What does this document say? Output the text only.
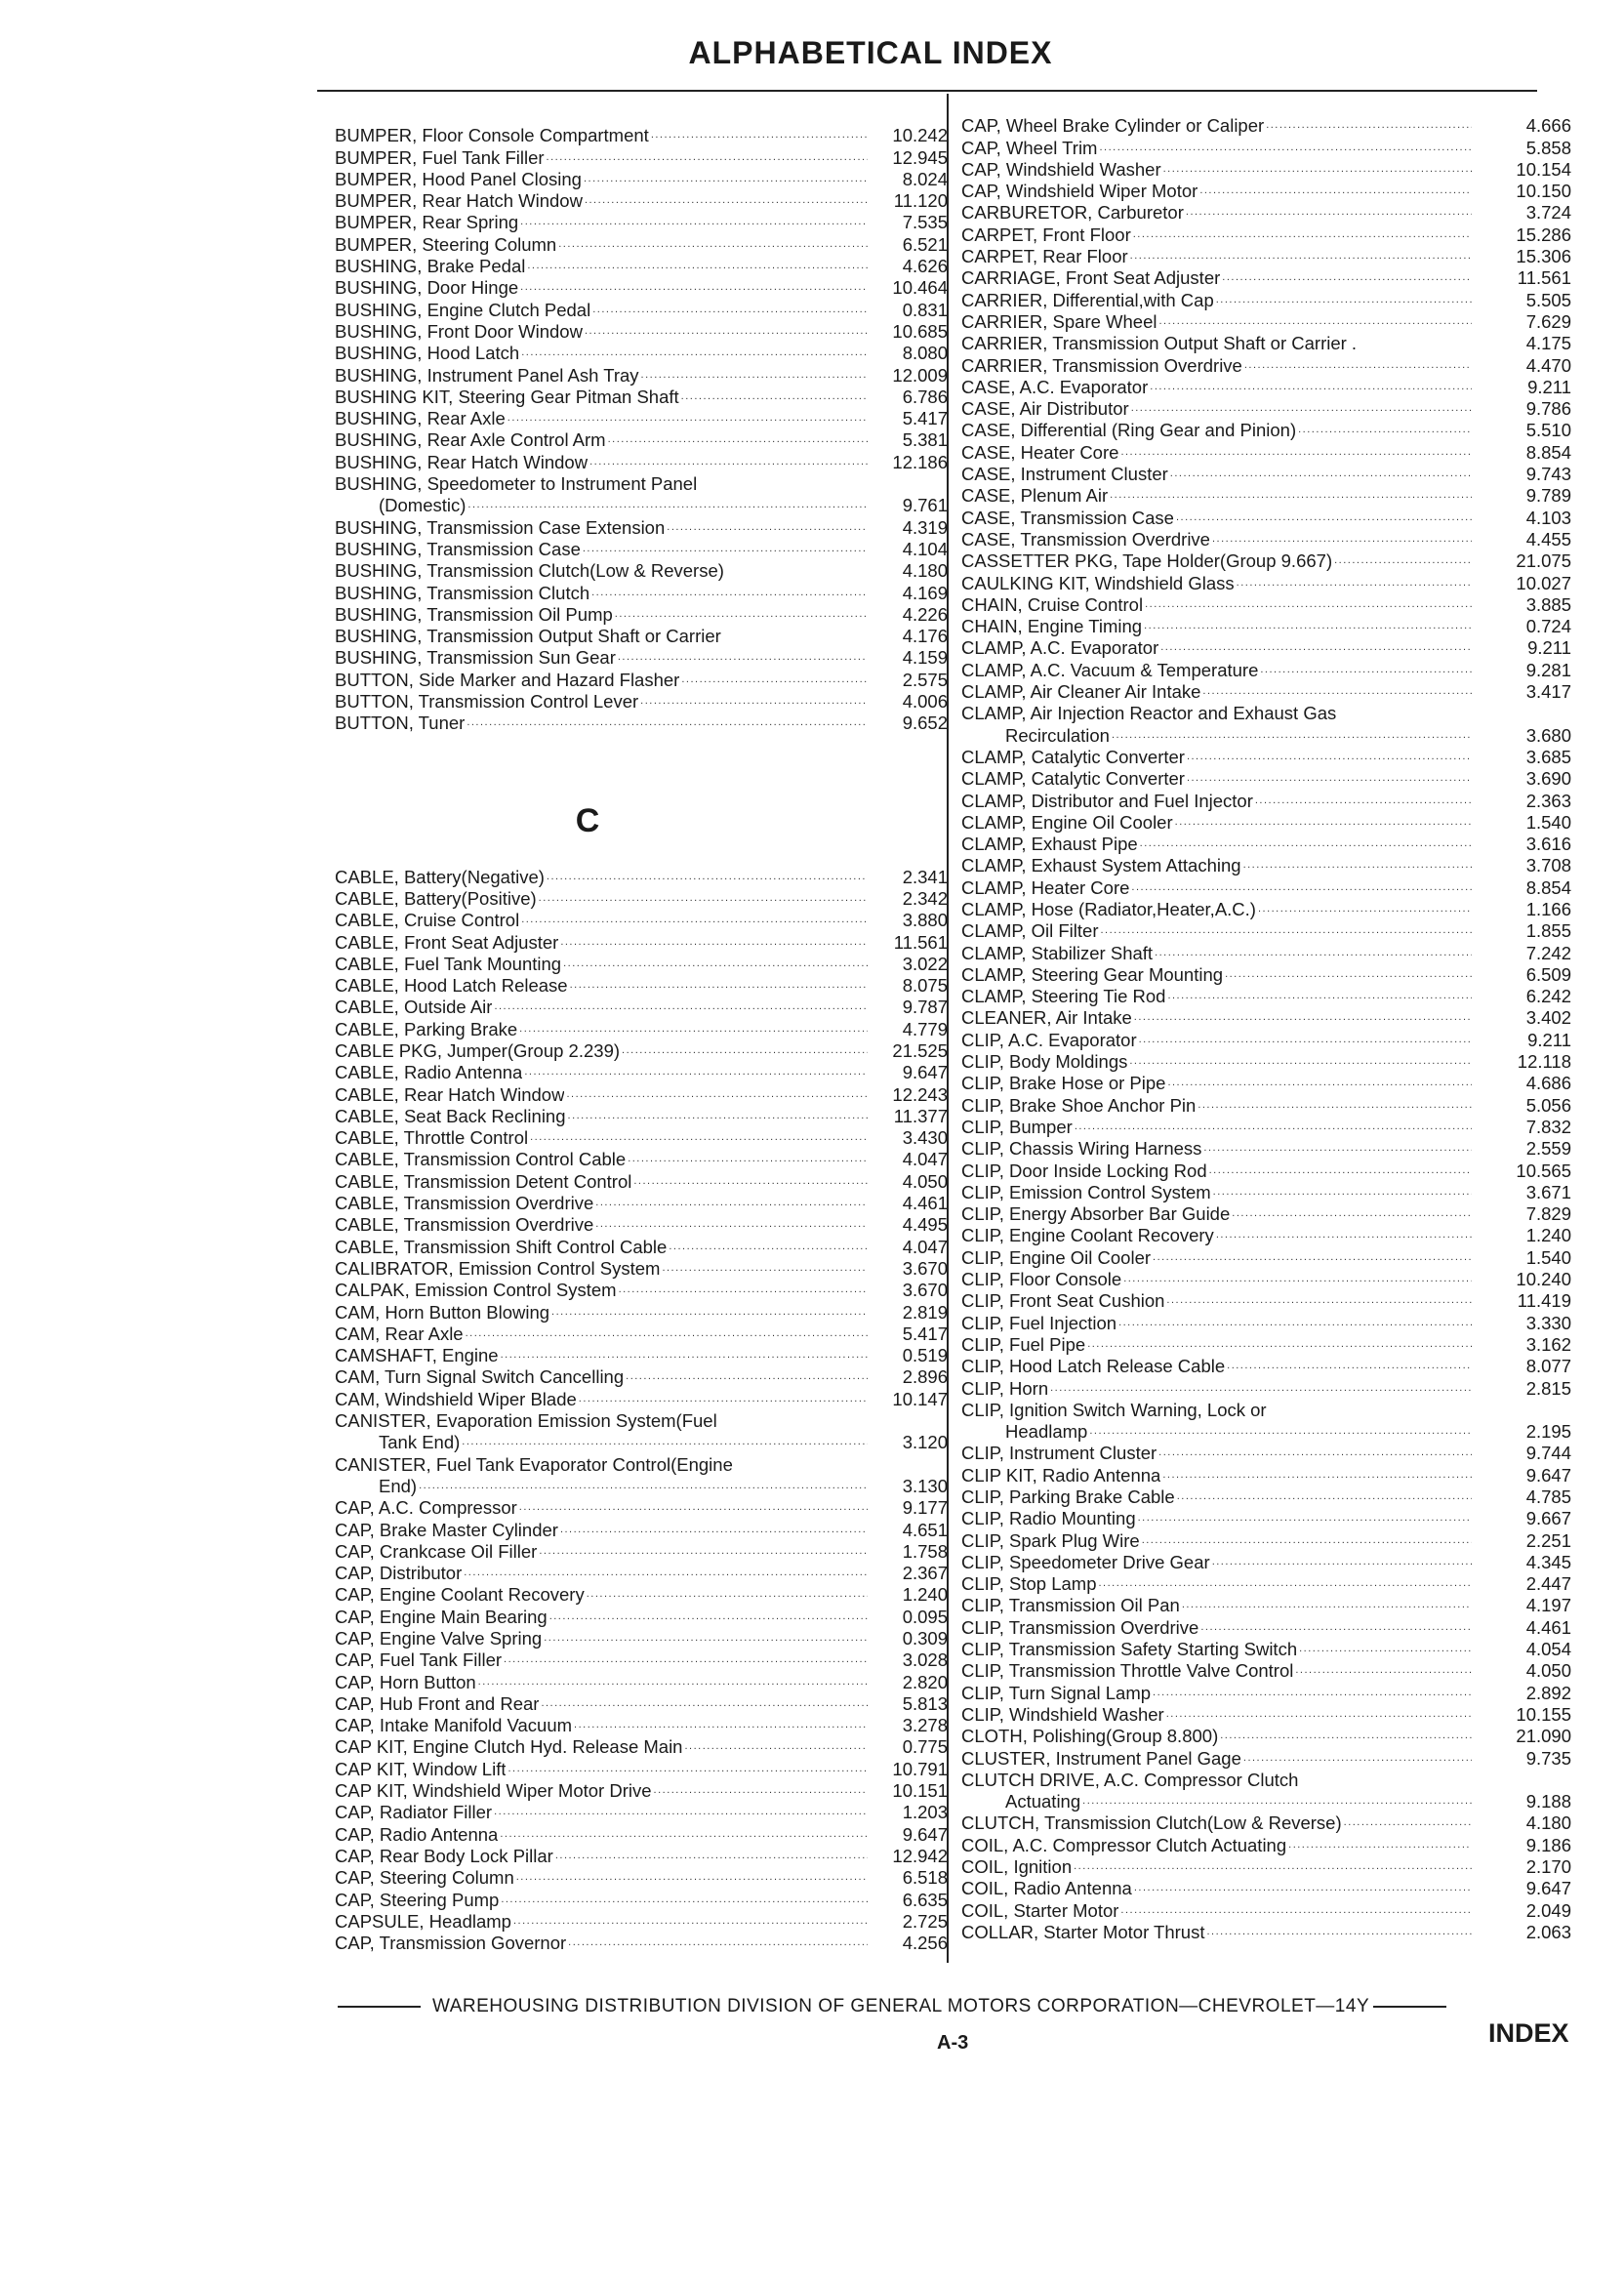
ALPHABETICAL INDEX
BUMPER, Floor Console Compartment .....	10.242
BUMPER, Fuel Tank Filler .....	12.945
BUMPER, Hood Panel Closing .....	8.024
BUMPER, Rear Hatch Window .....	11.120
BUMPER, Rear Spring .....	7.535
BUMPER, Steering Column .....	6.521
BUSHING, Brake Pedal .....	4.626
BUSHING, Door Hinge .....	10.464
BUSHING, Engine Clutch Pedal .....	0.831
BUSHING, Front Door Window .....	10.685
BUSHING, Hood Latch .....	8.080
BUSHING, Instrument Panel Ash Tray .....	12.009
BUSHING KIT, Steering Gear Pitman Shaft .....	6.786
BUSHING, Rear Axle .....	5.417
BUSHING, Rear Axle Control Arm .....	5.381
BUSHING, Rear Hatch Window .....	12.186
BUSHING, Speedometer to Instrument Panel
(Domestic) .....	9.761
BUSHING, Transmission Case Extension .....	4.319
BUSHING, Transmission Case .....	4.104
BUSHING, Transmission Clutch(Low & Reverse)	4.180
BUSHING, Transmission Clutch .....	4.169
BUSHING, Transmission Oil Pump .....	4.226
BUSHING, Transmission Output Shaft or Carrier	4.176
BUSHING, Transmission Sun Gear .....	4.159
BUTTON, Side Marker and Hazard Flasher .....	2.575
BUTTON, Transmission Control Lever .....	4.006
BUTTON, Tuner .....	9.652
C
CABLE, Battery(Negative) .....	2.341
CABLE, Battery(Positive) .....	2.342
CABLE, Cruise Control .....	3.880
CABLE, Front Seat Adjuster .....	11.561
CABLE, Fuel Tank Mounting .....	3.022
CABLE, Hood Latch Release .....	8.075
CABLE, Outside Air .....	9.787
CABLE, Parking Brake .....	4.779
CABLE PKG, Jumper(Group 2.239) .....	21.525
CABLE, Radio Antenna .....	9.647
CABLE, Rear Hatch Window .....	12.243
CABLE, Seat Back Reclining .....	11.377
CABLE, Throttle Control .....	3.430
CABLE, Transmission Control Cable .....	4.047
CABLE, Transmission Detent Control .....	4.050
CABLE, Transmission Overdrive .....	4.461
CABLE, Transmission Overdrive .....	4.495
CABLE, Transmission Shift Control Cable .....	4.047
CALIBRATOR, Emission Control System .....	3.670
CALPAK, Emission Control System .....	3.670
CAM, Horn Button Blowing .....	2.819
CAM, Rear Axle .....	5.417
CAMSHAFT, Engine .....	0.519
CAM, Turn Signal Switch Cancelling .....	2.896
CAM, Windshield Wiper Blade .....	10.147
CANISTER, Evaporation Emission System(Fuel
Tank End) .....	3.120
CANISTER, Fuel Tank Evaporator Control(Engine
End) .....	3.130
CAP, A.C. Compressor .....	9.177
CAP, Brake Master Cylinder .....	4.651
CAP, Crankcase Oil Filler .....	1.758
CAP, Distributor .....	2.367
CAP, Engine Coolant Recovery .....	1.240
CAP, Engine Main Bearing .....	0.095
CAP, Engine Valve Spring .....	0.309
CAP, Fuel Tank Filler .....	3.028
CAP, Horn Button .....	2.820
CAP, Hub Front and Rear .....	5.813
CAP, Intake Manifold Vacuum .....	3.278
CAP KIT, Engine Clutch Hyd. Release Main .....	0.775
CAP KIT, Window Lift .....	10.791
CAP KIT, Windshield Wiper Motor Drive .....	10.151
CAP, Radiator Filler .....	1.203
CAP, Radio Antenna .....	9.647
CAP, Rear Body Lock Pillar .....	12.942
CAP, Steering Column .....	6.518
CAP, Steering Pump .....	6.635
CAPSULE, Headlamp .....	2.725
CAP, Transmission Governor .....	4.256
CAP, Wheel Brake Cylinder or Caliper .....	4.666
CAP, Wheel Trim .....	5.858
CAP, Windshield Washer .....	10.154
CAP, Windshield Wiper Motor .....	10.150
CARBURETOR, Carburetor .....	3.724
CARPET, Front Floor .....	15.286
CARPET, Rear Floor .....	15.306
CARRIAGE, Front Seat Adjuster .....	11.561
CARRIER, Differential,with Cap .....	5.505
CARRIER, Spare Wheel .....	7.629
CARRIER, Transmission Output Shaft or Carrier .	4.175
CARRIER, Transmission Overdrive .....	4.470
CASE, A.C. Evaporator .....	9.211
CASE, Air Distributor .....	9.786
CASE, Differential (Ring Gear and Pinion) .....	5.510
CASE, Heater Core .....	8.854
CASE, Instrument Cluster .....	9.743
CASE, Plenum Air .....	9.789
CASE, Transmission Case .....	4.103
CASE, Transmission Overdrive .....	4.455
CASSETTER PKG, Tape Holder(Group 9.667) .....	21.075
CAULKING KIT, Windshield Glass .....	10.027
CHAIN, Cruise Control .....	3.885
CHAIN, Engine Timing .....	0.724
CLAMP, A.C. Evaporator .....	9.211
CLAMP, A.C. Vacuum & Temperature .....	9.281
CLAMP, Air Cleaner Air Intake .....	3.417
CLAMP, Air Injection Reactor and Exhaust Gas
Recirculation .....	3.680
CLAMP, Catalytic Converter .....	3.685
CLAMP, Catalytic Converter .....	3.690
CLAMP, Distributor and Fuel Injector .....	2.363
CLAMP, Engine Oil Cooler .....	1.540
CLAMP, Exhaust Pipe .....	3.616
CLAMP, Exhaust System Attaching .....	3.708
CLAMP, Heater Core .....	8.854
CLAMP, Hose (Radiator,Heater,A.C.) .....	1.166
CLAMP, Oil Filter .....	1.855
CLAMP, Stabilizer Shaft .....	7.242
CLAMP, Steering Gear Mounting .....	6.509
CLAMP, Steering Tie Rod .....	6.242
CLEANER, Air Intake .....	3.402
CLIP, A.C. Evaporator .....	9.211
CLIP, Body Moldings .....	12.118
CLIP, Brake Hose or Pipe .....	4.686
CLIP, Brake Shoe Anchor Pin .....	5.056
CLIP, Bumper .....	7.832
CLIP, Chassis Wiring Harness .....	2.559
CLIP, Door Inside Locking Rod .....	10.565
CLIP, Emission Control System .....	3.671
CLIP, Energy Absorber Bar Guide .....	7.829
CLIP, Engine Coolant Recovery .....	1.240
CLIP, Engine Oil Cooler .....	1.540
CLIP, Floor Console .....	10.240
CLIP, Front Seat Cushion .....	11.419
CLIP, Fuel Injection .....	3.330
CLIP, Fuel Pipe .....	3.162
CLIP, Hood Latch Release Cable .....	8.077
CLIP, Horn .....	2.815
CLIP, Ignition Switch Warning, Lock or
Headlamp .....	2.195
CLIP, Instrument Cluster .....	9.744
CLIP KIT, Radio Antenna .....	9.647
CLIP, Parking Brake Cable .....	4.785
CLIP, Radio Mounting .....	9.667
CLIP, Spark Plug Wire .....	2.251
CLIP, Speedometer Drive Gear .....	4.345
CLIP, Stop Lamp .....	2.447
CLIP, Transmission Oil Pan .....	4.197
CLIP, Transmission Overdrive .....	4.461
CLIP, Transmission Safety Starting Switch .....	4.054
CLIP, Transmission Throttle Valve Control .....	4.050
CLIP, Turn Signal Lamp .....	2.892
CLIP, Windshield Washer .....	10.155
CLOTH, Polishing(Group 8.800) .....	21.090
CLUSTER, Instrument Panel Gage .....	9.735
CLUTCH DRIVE, A.C. Compressor Clutch
Actuating .....	9.188
CLUTCH, Transmission Clutch(Low & Reverse) .....	4.180
COIL, A.C. Compressor Clutch Actuating .....	9.186
COIL, Ignition .....	2.170
COIL, Radio Antenna .....	9.647
COIL, Starter Motor .....	2.049
COLLAR, Starter Motor Thrust .....	2.063
WAREHOUSING DISTRIBUTION DIVISION OF GENERAL MOTORS CORPORATION—CHEVROLET—14Y
A-3	INDEX
